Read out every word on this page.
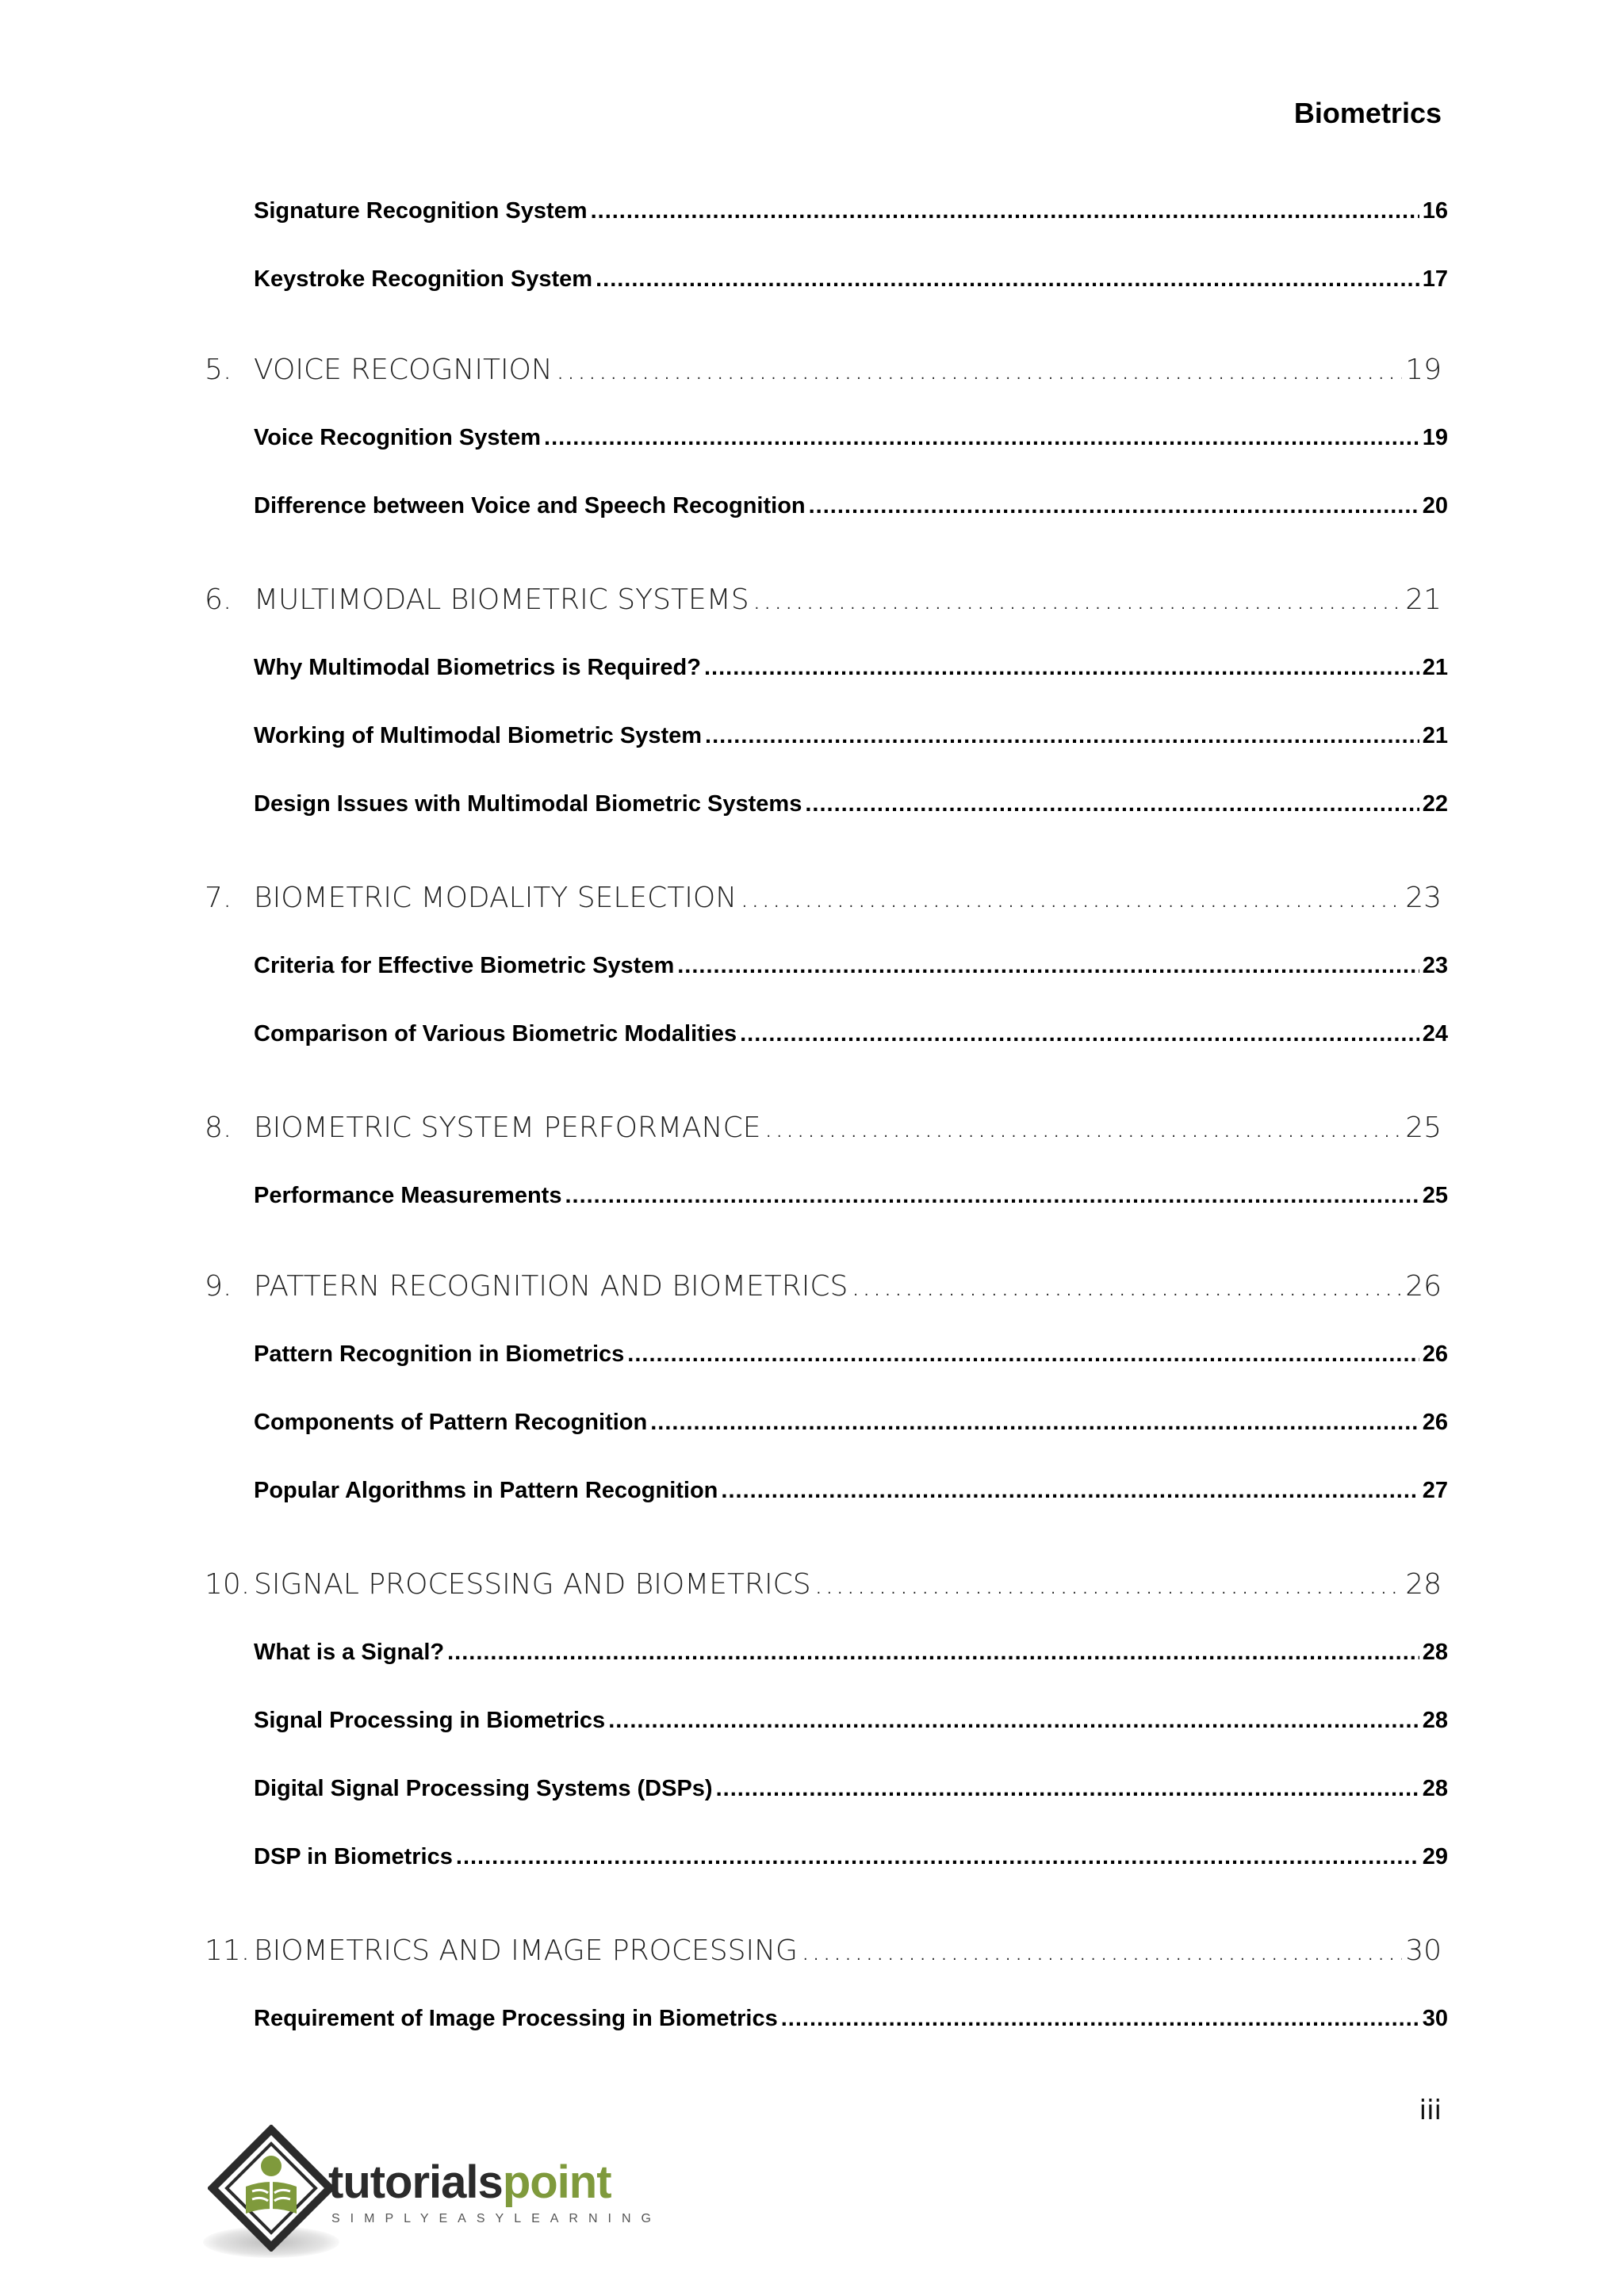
Biometrics
Signature Recognition System .....	16
Keystroke Recognition System .....	17
5. VOICE RECOGNITION .....	19
Voice Recognition System .....	19
Difference between Voice and Speech Recognition .....	20
6. MULTIMODAL BIOMETRIC SYSTEMS .....	21
Why Multimodal Biometrics is Required? .....	21
Working of Multimodal Biometric System .....	21
Design Issues with Multimodal Biometric Systems .....	22
7. BIOMETRIC MODALITY SELECTION .....	23
Criteria for Effective Biometric System .....	23
Comparison of Various Biometric Modalities .....	24
8. BIOMETRIC SYSTEM PERFORMANCE .....	25
Performance Measurements .....	25
9. PATTERN RECOGNITION AND BIOMETRICS .....	26
Pattern Recognition in Biometrics .....	26
Components of Pattern Recognition .....	26
Popular Algorithms in Pattern Recognition .....	27
10. SIGNAL PROCESSING AND BIOMETRICS .....	28
What is a Signal? .....	28
Signal Processing in Biometrics .....	28
Digital Signal Processing Systems (DSPs) .....	28
DSP in Biometrics .....	29
11. BIOMETRICS AND IMAGE PROCESSING .....	30
Requirement of Image Processing in Biometrics .....	30
iii
tutorialspoint
SIMPLYEASYLEARNING
